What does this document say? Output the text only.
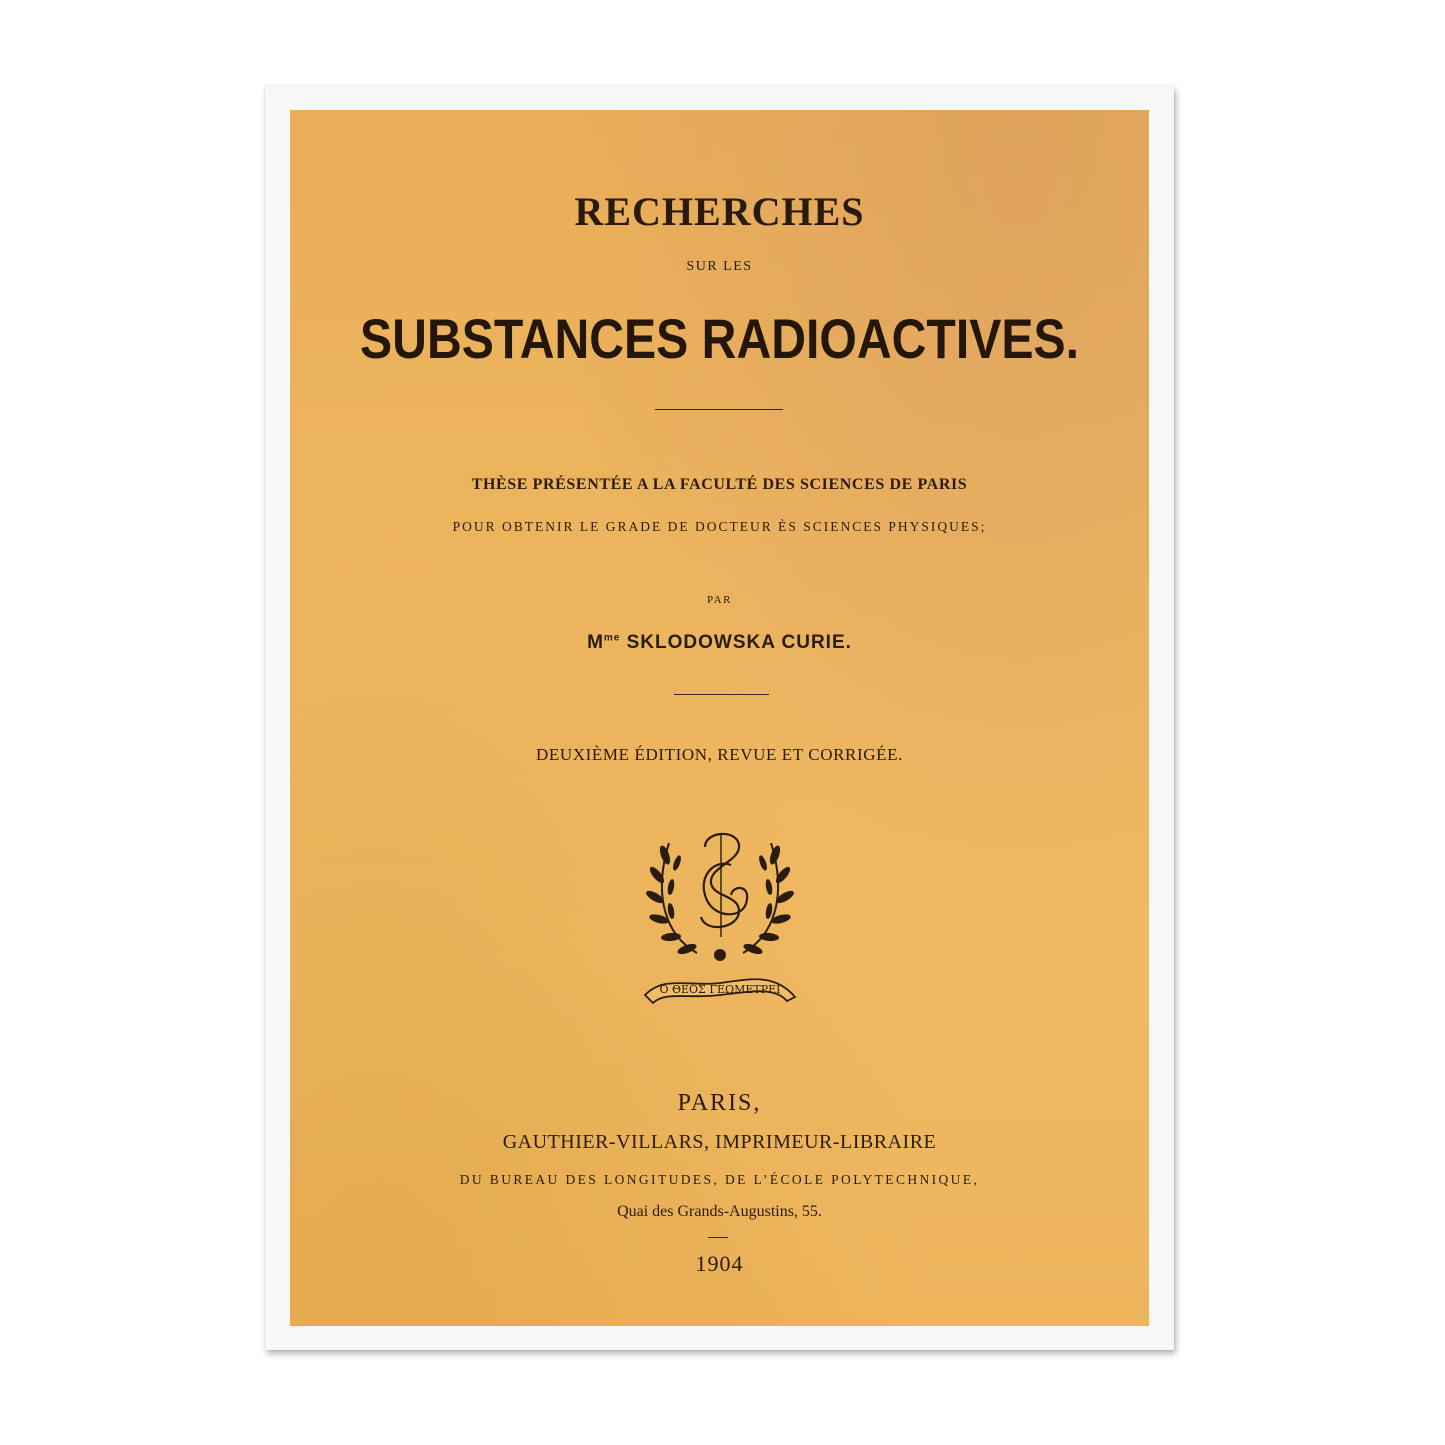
RECHERCHES
SUR LES
SUBSTANCES RADIOACTIVES.
THÈSE PRÉSENTÉE A LA FACULTÉ DES SCIENCES DE PARIS
POUR OBTENIR LE GRADE DE DOCTEUR ÈS SCIENCES PHYSIQUES;
PAR
$M^{me}$ SKLODOWSKA CURIE.
DEUXIÈME ÉDITION, REVUE ET CORRIGÉE.
Ο ΘΕΟΣ ΓΕΩΜΕΤΡΕΙ
PARIS,
GAUTHIER-VILLARS, IMPRIMEUR-LIBRAIRE
DU BUREAU DES LONGITUDES, DE L’ÉCOLE POLYTECHNIQUE,
Quai des Grands-Augustins, 55.
1904
